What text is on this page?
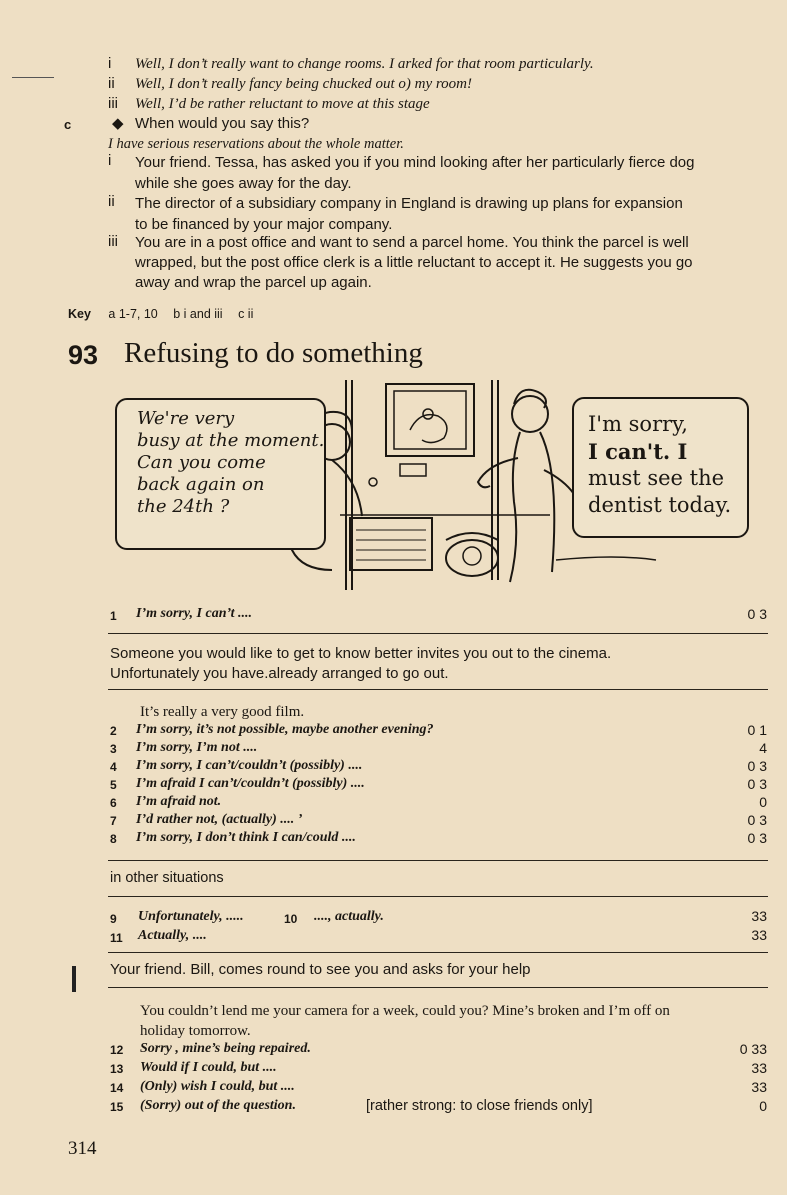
i Well, I don’t really want to change rooms. I arked for that room particularly.
ii Well, I don’t really fancy being chucked out o) my room!
iii Well, I’d be rather reluctant to move at this stage
c	◆ When would you say this?
I have serious reservations about the whole matter.
i Your friend. Tessa, has asked you if you mind looking after her particularly fierce dog
while she goes away for the day.
ii The director of a subsidiary company in England is drawing up plans for expansion
to be financed by your major company.
iii You are in a post office and want to send a parcel home. You think the parcel is well
wrapped, but the post office clerk is a little reluctant to accept it. He suggests you go
away and wrap the parcel up again.
Key a 1-7, 10 b i and iii c ii
93 Refusing to do something
We're very
busy at the moment.
Can you come
back again on
the 24th ?
I'm sorry,
I can't. I
must see the
dentist today.
1 I’m sorry, I can’t ....	0 3
Someone you would like to get to know better invites you out to the cinema.
Unfortunately you have.already arranged to go out.
It’s really a very good film.
2 I’m sorry, it’s not possible, maybe another evening?	0 1
3 I’m sorry, I’m not ....	4
4 I’m sorry, I can’t/couldn’t (possibly) ....	0 3
5 I’m afraid I can’t/couldn’t (possibly) ....	0 3
6 I’m afraid not.	0
7 I’d rather not, (actually) .... ’	0 3
8 I’m sorry, I don’t think I can/could ....	0 3
in other situations
9 Unfortunately, .....	10 ...., actually.	33
11 Actually, ....	33
Your friend. Bill, comes round to see you and asks for your help
You couldn’t lend me your camera for a week, could you? Mine’s broken and I’m off on
holiday tomorrow.
12 Sorry , mine’s being repaired.	0 33
13 Would if I could, but ....	33
14 (Only) wish I could, but ....	33
15 (Sorry) out of the question.	[rather strong: to close friends only]	0
314
